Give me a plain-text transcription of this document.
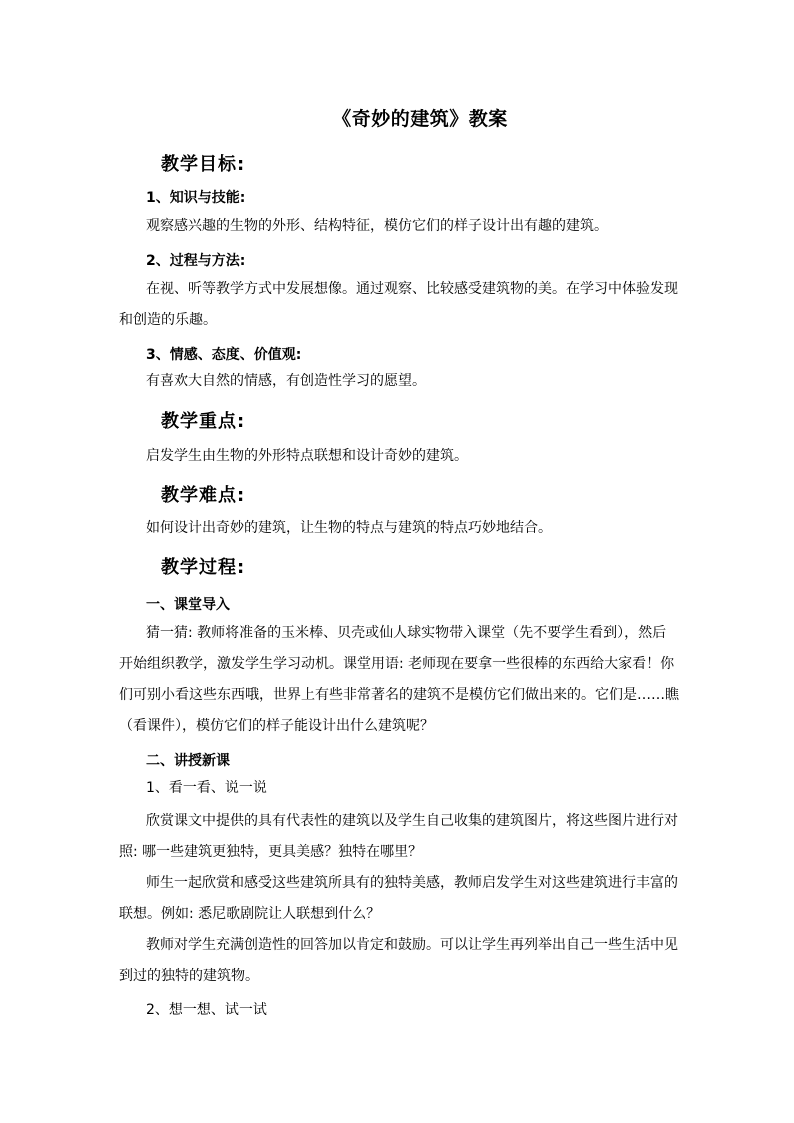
《奇妙的建筑》教案
教学目标:
1、知识与技能:
观察感兴趣的生物的外形、结构特征，模仿它们的样子设计出有趣的建筑。
2、过程与方法:
在视、听等教学方式中发展想像。通过观察、比较感受建筑物的美。在学习中体验发现
和创造的乐趣。
3、情感、态度、价值观:
有喜欢大自然的情感，有创造性学习的愿望。
教学重点:
启发学生由生物的外形特点联想和设计奇妙的建筑。
教学难点:
如何设计出奇妙的建筑，让生物的特点与建筑的特点巧妙地结合。
教学过程:
一、课堂导入
猜一猜: 教师将准备的玉米棒、贝壳或仙人球实物带入课堂（先不要学生看到），然后
开始组织教学，激发学生学习动机。课堂用语: 老师现在要拿一些很棒的东西给大家看！你
们可别小看这些东西哦，世界上有些非常著名的建筑不是模仿它们做出来的。它们是……瞧
（看课件），模仿它们的样子能设计出什么建筑呢？
二、讲授新课
1、看一看、说一说
欣赏课文中提供的具有代表性的建筑以及学生自己收集的建筑图片，将这些图片进行对
照: 哪一些建筑更独特，更具美感？独特在哪里？
师生一起欣赏和感受这些建筑所具有的独特美感，教师启发学生对这些建筑进行丰富的
联想。例如: 悉尼歌剧院让人联想到什么？
教师对学生充满创造性的回答加以肯定和鼓励。可以让学生再列举出自己一些生活中见
到过的独特的建筑物。
2、想一想、试一试
